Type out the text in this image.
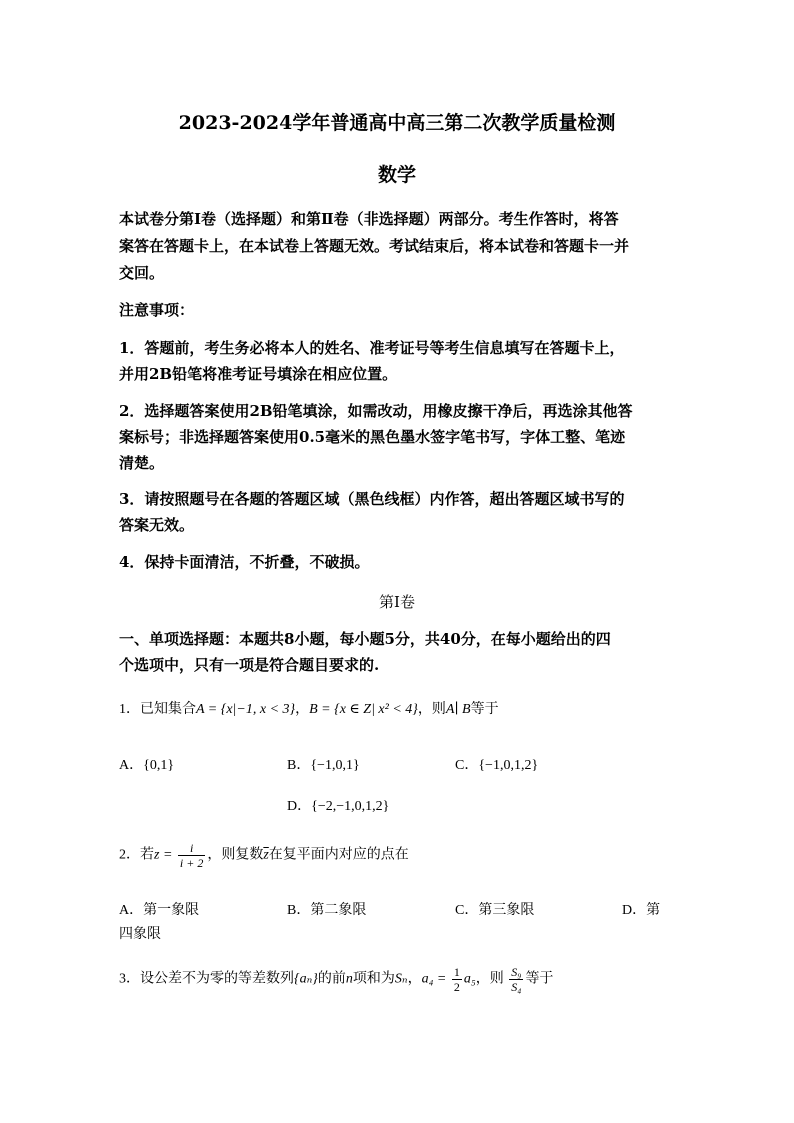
2023-2024学年普通高中高三第二次教学质量检测
数学
本试卷分第Ⅰ卷（选择题）和第Ⅱ卷（非选择题）两部分。考生作答时，将答
案答在答题卡上，在本试卷上答题无效。考试结束后，将本试卷和答题卡一并
交回。
注意事项：
1．答题前，考生务必将本人的姓名、准考证号等考生信息填写在答题卡上，
并用2B铅笔将准考证号填涂在相应位置。
2．选择题答案使用2B铅笔填涂，如需改动，用橡皮擦干净后，再选涂其他答
案标号；非选择题答案使用0.5毫米的黑色墨水签字笔书写，字体工整、笔迹
清楚。
3．请按照题号在各题的答题区域（黑色线框）内作答，超出答题区域书写的
答案无效。
4．保持卡面清洁，不折叠，不破损。
第Ⅰ卷
一、单项选择题：本题共8小题，每小题5分，共40分，在每小题给出的四
个选项中，只有一项是符合题目要求的.
1．已知集合A = {x|−1, x < 3}，B = {x ∈ Z| x² < 4}，则A∣ B等于
A．{0,1}	B．{−1,0,1}	C．{−1,0,1,2}
D．{−2,−1,0,1,2}
2．若$z = \frac{i}{i + 2}$ ，则复数$\overline{z}$在复平面内对应的点在
A．第一象限	B．第二象限	C．第三象限	D．第
四象限
3．设公差不为零的等差数列{aₙ}的前n项和为Sₙ，$a_4 = \frac{1}{2} a_5$，则 $\frac{\text{S₉}}{\text{S₄}}$ 等于
